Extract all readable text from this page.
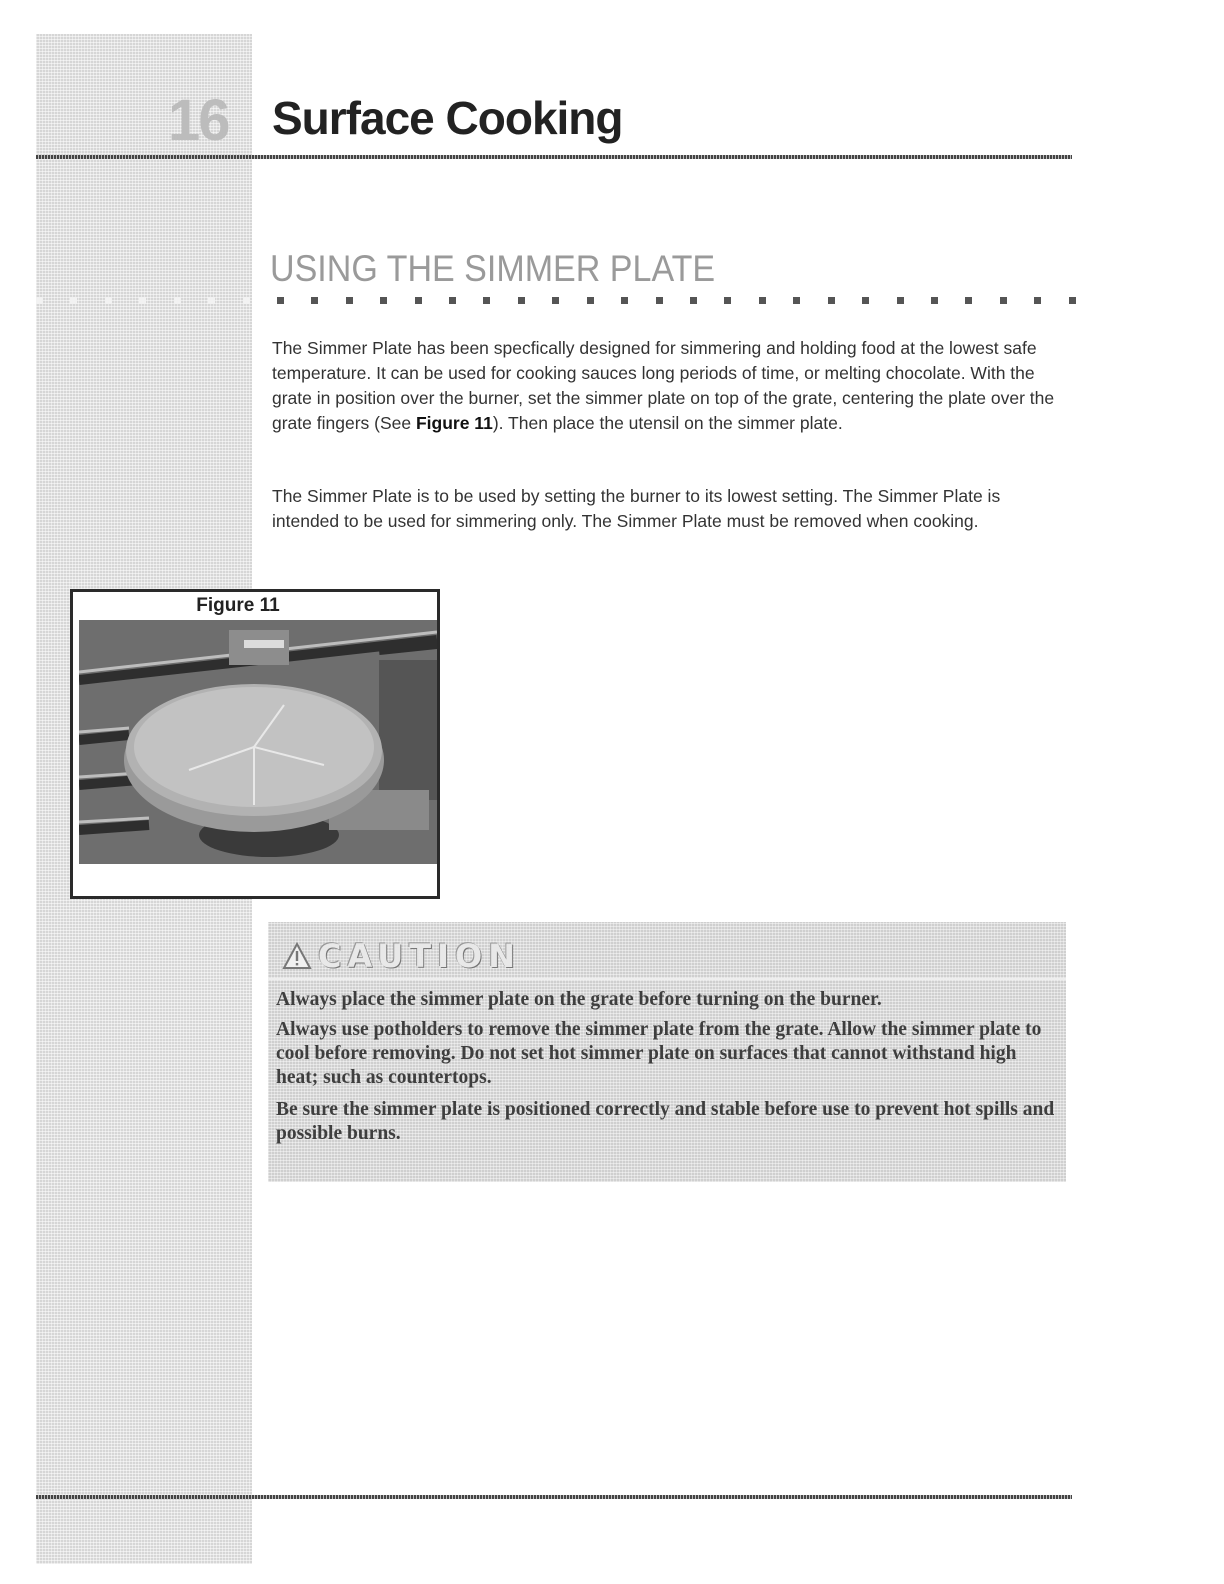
16 Surface Cooking
USING THE SIMMER PLATE

The Simmer Plate has been specfically designed for simmering and holding food at the lowest safe temperature. It can be used for cooking sauces long periods of time, or melting chocolate. With the grate in position over the burner, set the simmer plate on top of the grate, centering the plate over the grate fingers (See Figure 11). Then place the utensil on the simmer plate.

The Simmer Plate is to be used by setting the burner to its lowest setting. The Simmer Plate is intended to be used for simmering only. The Simmer Plate must be removed when cooking.

Figure 11
CAUTION

Always place the simmer plate on the grate before turning on the burner.

Always use potholders to remove the simmer plate from the grate. Allow the simmer plate to cool before removing. Do not set hot simmer plate on surfaces that cannot withstand high heat; such as countertops.

Be sure the simmer plate is positioned correctly and stable before use to prevent hot spills and possible burns.
